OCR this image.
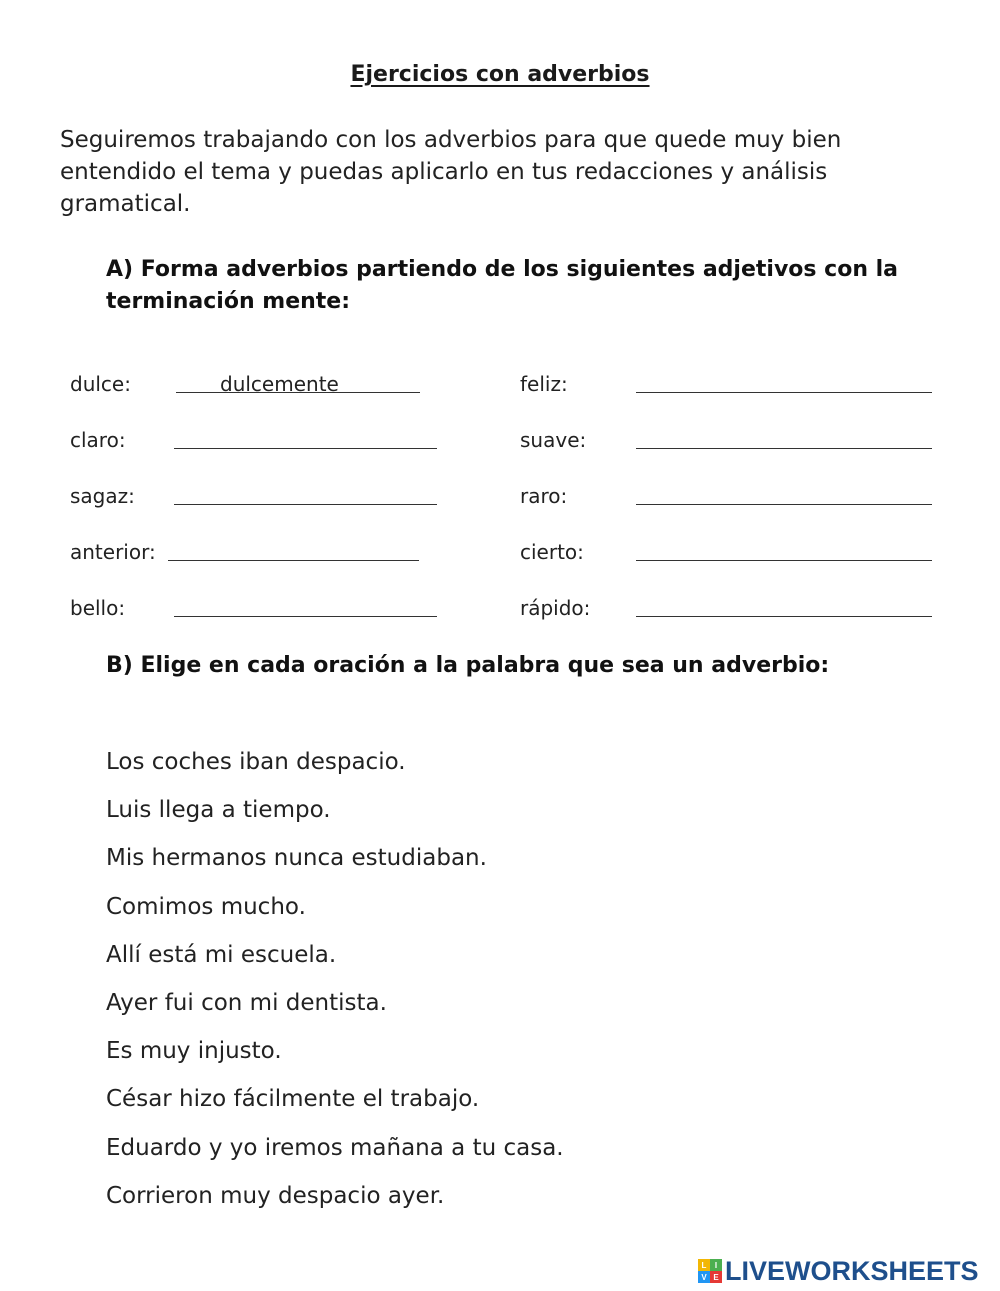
Ejercicios con adverbios
Seguiremos trabajando con los adverbios para que quede muy bien entendido el tema y puedas aplicarlo en tus redacciones y análisis gramatical.
A) Forma adverbios partiendo de los siguientes adjetivos con la terminación mente:
dulce:	dulcemente
claro:
sagaz:
anterior:
bello:
feliz:
suave:
raro:
cierto:
rápido:
B) Elige en cada oración a la palabra que sea un adverbio:
Los coches iban despacio.
Luis llega a tiempo.
Mis hermanos nunca estudiaban.
Comimos mucho.
Allí está mi escuela.
Ayer fui con mi dentista.
Es muy injusto.
César hizo fácilmente el trabajo.
Eduardo y yo iremos mañana a tu casa.
Corrieron muy despacio ayer.
L	I
V E LIVEWORKSHEETS
